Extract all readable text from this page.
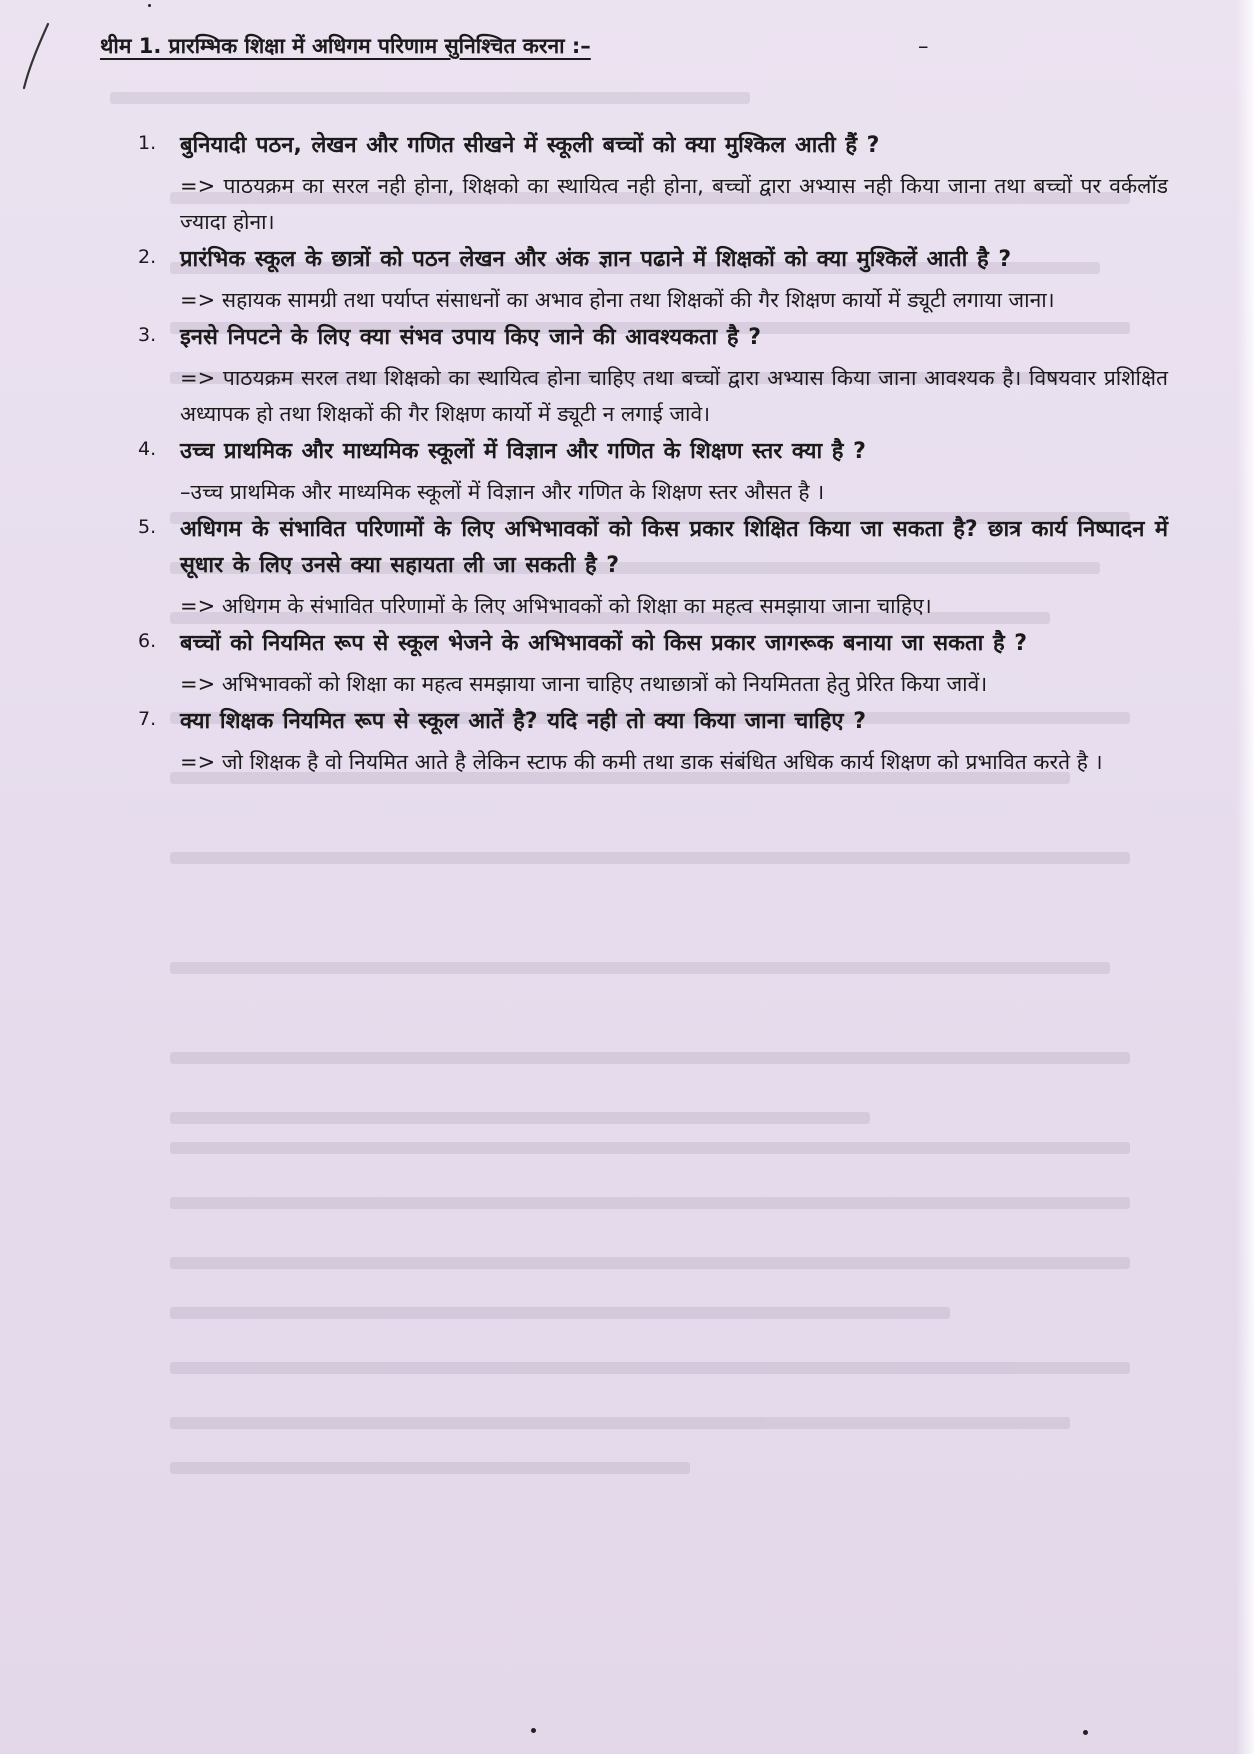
थीम 1. प्रारम्भिक शिक्षा में अधिगम परिणाम सुनिश्चित करना :–	–
1. बुनियादी पठन, लेखन और गणित सीखने में स्कूली बच्चों को क्या मुश्किल आती हैं ?
=> पाठयक्रम का सरल नही होना, शिक्षको का स्थायित्व नही होना, बच्चों द्वारा अभ्यास नही किया जाना तथा बच्चों पर वर्कलॉड ज्यादा होना।
2. प्रारंभिक स्कूल के छात्रों को पठन लेखन और अंक ज्ञान पढाने में शिक्षकों को क्या मुश्किलें आती है ?
=> सहायक सामग्री तथा पर्याप्त संसाधनों का अभाव होना तथा शिक्षकों की गैर शिक्षण कार्यो में ड्यूटी लगाया जाना।
3. इनसे निपटने के लिए क्या संभव उपाय किए जाने की आवश्यकता है ?
=> पाठयक्रम सरल तथा शिक्षको का स्थायित्व होना चाहिए तथा बच्चों द्वारा अभ्यास किया जाना आवश्यक है। विषयवार प्रशिक्षित अध्यापक हो तथा शिक्षकों की गैर शिक्षण कार्यो में ड्यूटी न लगाई जावे।
4. उच्च प्राथमिक और माध्यमिक स्कूलों में विज्ञान और गणित के शिक्षण स्तर क्या है ?
–उच्च प्राथमिक और माध्यमिक स्कूलों में विज्ञान और गणित के शिक्षण स्तर औसत है ।
5. अधिगम के संभावित परिणामों के लिए अभिभावकों को किस प्रकार शिक्षित किया जा सकता है? छात्र कार्य निष्पादन में सूधार के लिए उनसे क्या सहायता ली जा सकती है ?
=> अधिगम के संभावित परिणामों के लिए अभिभावकों को शिक्षा का महत्व समझाया जाना चाहिए।
6. बच्चों को नियमित रूप से स्कूल भेजने के अभिभावकों को किस प्रकार जागरूक बनाया जा सकता है ?
=> अभिभावकों को शिक्षा का महत्व समझाया जाना चाहिए तथाछात्रों को नियमितता हेतु प्रेरित किया जावें।
7. क्या शिक्षक नियमित रूप से स्कूल आतें है? यदि नही तो क्या किया जाना चाहिए ?
=> जो शिक्षक है वो नियमित आते है लेकिन स्टाफ की कमी तथा डाक संबंधित अधिक कार्य शिक्षण को प्रभावित करते है ।
